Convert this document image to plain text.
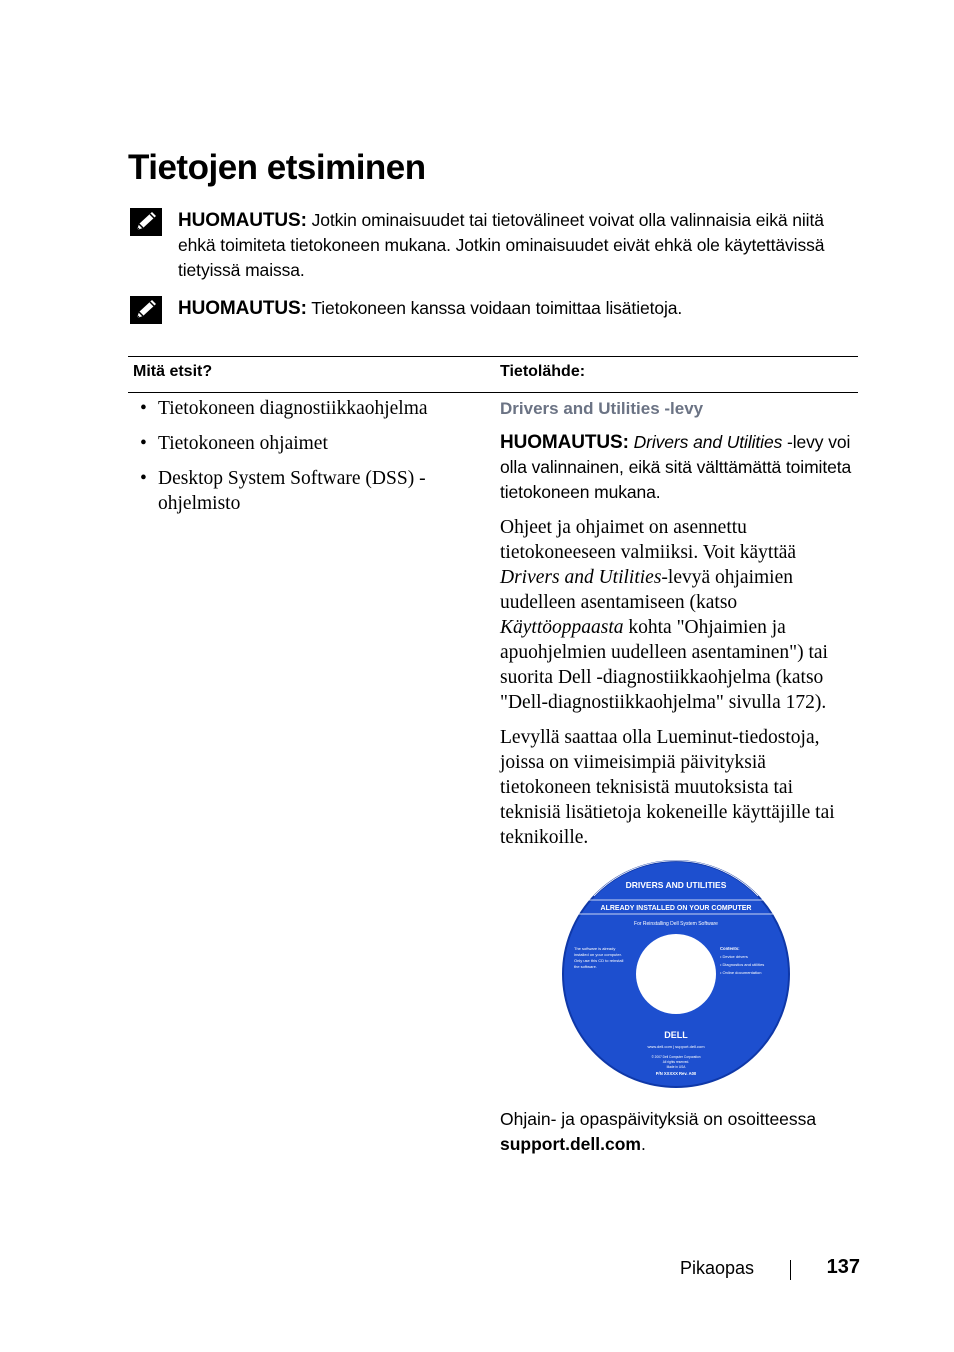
Tietojen etsiminen
HUOMAUTUS: Jotkin ominaisuudet tai tietovälineet voivat olla valinnaisia eikä niitä ehkä toimiteta tietokoneen mukana. Jotkin ominaisuudet eivät ehkä ole käytettävissä tietyissä maissa.
HUOMAUTUS: Tietokoneen kanssa voidaan toimittaa lisätietoja.
Mitä etsit?	Tietolähde:
• Tietokoneen diagnostiikkaohjelma
• Tietokoneen ohjaimet
• Desktop System Software (DSS) -ohjelmisto
Drivers and Utilities -levy
HUOMAUTUS: Drivers and Utilities -levy voi olla valinnainen, eikä sitä välttämättä toimiteta tietokoneen mukana.
Ohjeet ja ohjaimet on asennettu tietokoneeseen valmiiksi. Voit käyttää Drivers and Utilities-levyä ohjaimien uudelleen asentamiseen (katso Käyttöoppaasta kohta "Ohjaimien ja apuohjelmien uudelleen asentaminen") tai suorita Dell -diagnostiikkaohjelma (katso "Dell-diagnostiikkaohjelma" sivulla 172).
Levyllä saattaa olla Lueminut-tiedostoja, joissa on viimeisimpiä päivityksiä tietokoneen teknisistä muutoksista tai teknisiä lisätietoja kokeneille käyttäjille tai teknikoille.
DRIVERS AND UTILITIES
ALREADY INSTALLED ON YOUR COMPUTER
For Reinstalling Dell System Software
The software is already
installed on your computer.
Only use this CD to reinstall
the software.
Contents:
• Device drivers
• Diagnostics and utilities
• Online documentation
DELL
www.dell.com | support.dell.com
© 2007 Dell Computer Corporation
All rights reserved.
Made in USA
P/N XXXXX Rev. A00
Ohjain- ja opaspäivityksiä on osoitteessa support.dell.com.
Pikaopas	137
